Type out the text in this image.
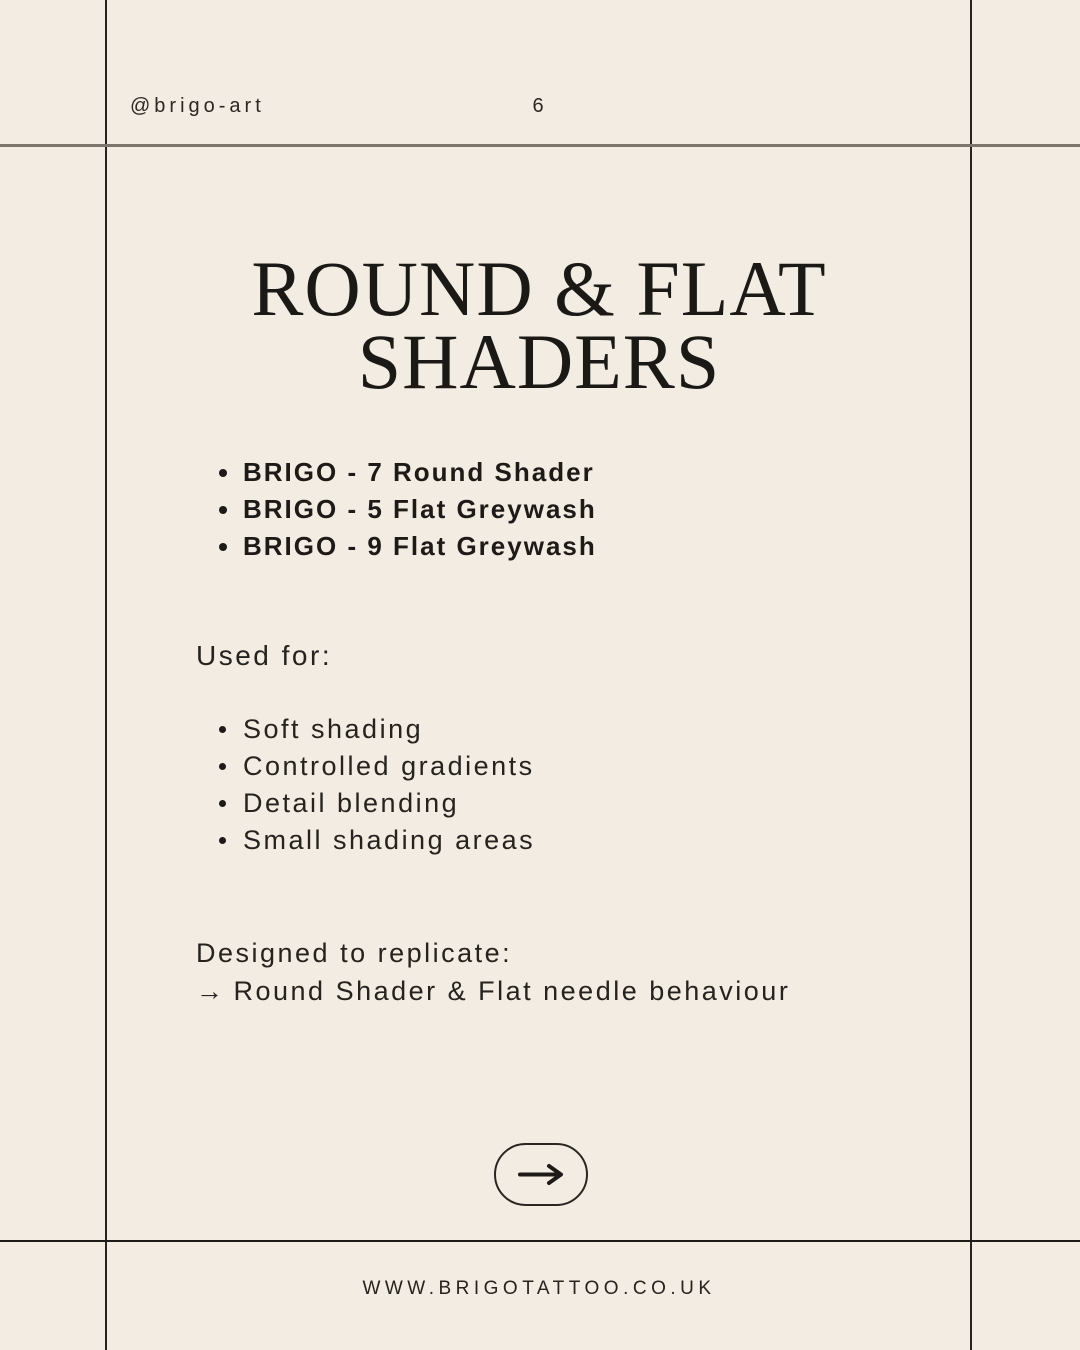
@brigo-art	6
ROUND & FLAT
SHADERS
BRIGO - 7 Round Shader
BRIGO - 5 Flat Greywash
BRIGO - 9 Flat Greywash
Used for:
Soft shading
Controlled gradients
Detail blending
Small shading areas
Designed to replicate:
→ Round Shader & Flat needle behaviour
WWW.BRIGOTATTOO.CO.UK
